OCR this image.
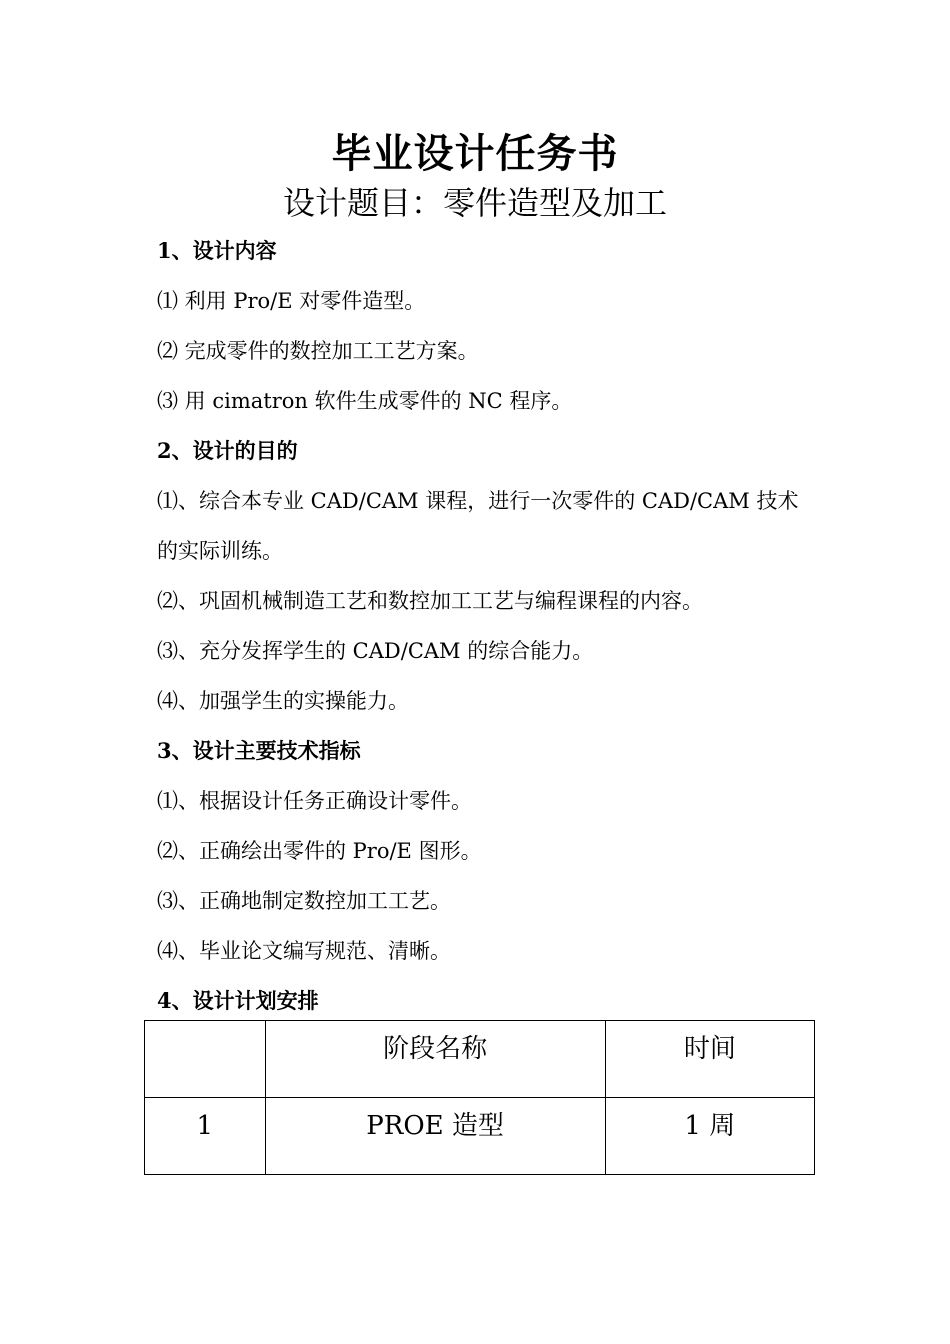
毕业设计任务书
设计题目：零件造型及加工
1、设计内容
⑴ 利用 Pro/E 对零件造型。
⑵ 完成零件的数控加工工艺方案。
⑶ 用 cimatron 软件生成零件的 NC 程序。
2、设计的目的
⑴、综合本专业 CAD/CAM 课程，进行一次零件的 CAD/CAM 技术的实际训练。
⑵、巩固机械制造工艺和数控加工工艺与编程课程的内容。
⑶、充分发挥学生的 CAD/CAM 的综合能力。
⑷、加强学生的实操能力。
3、设计主要技术指标
⑴、根据设计任务正确设计零件。
⑵、正确绘出零件的 Pro/E 图形。
⑶、正确地制定数控加工工艺。
⑷、毕业论文编写规范、清晰。
4、设计计划安排
	阶段名称	时间
1	PROE 造型	1 周
